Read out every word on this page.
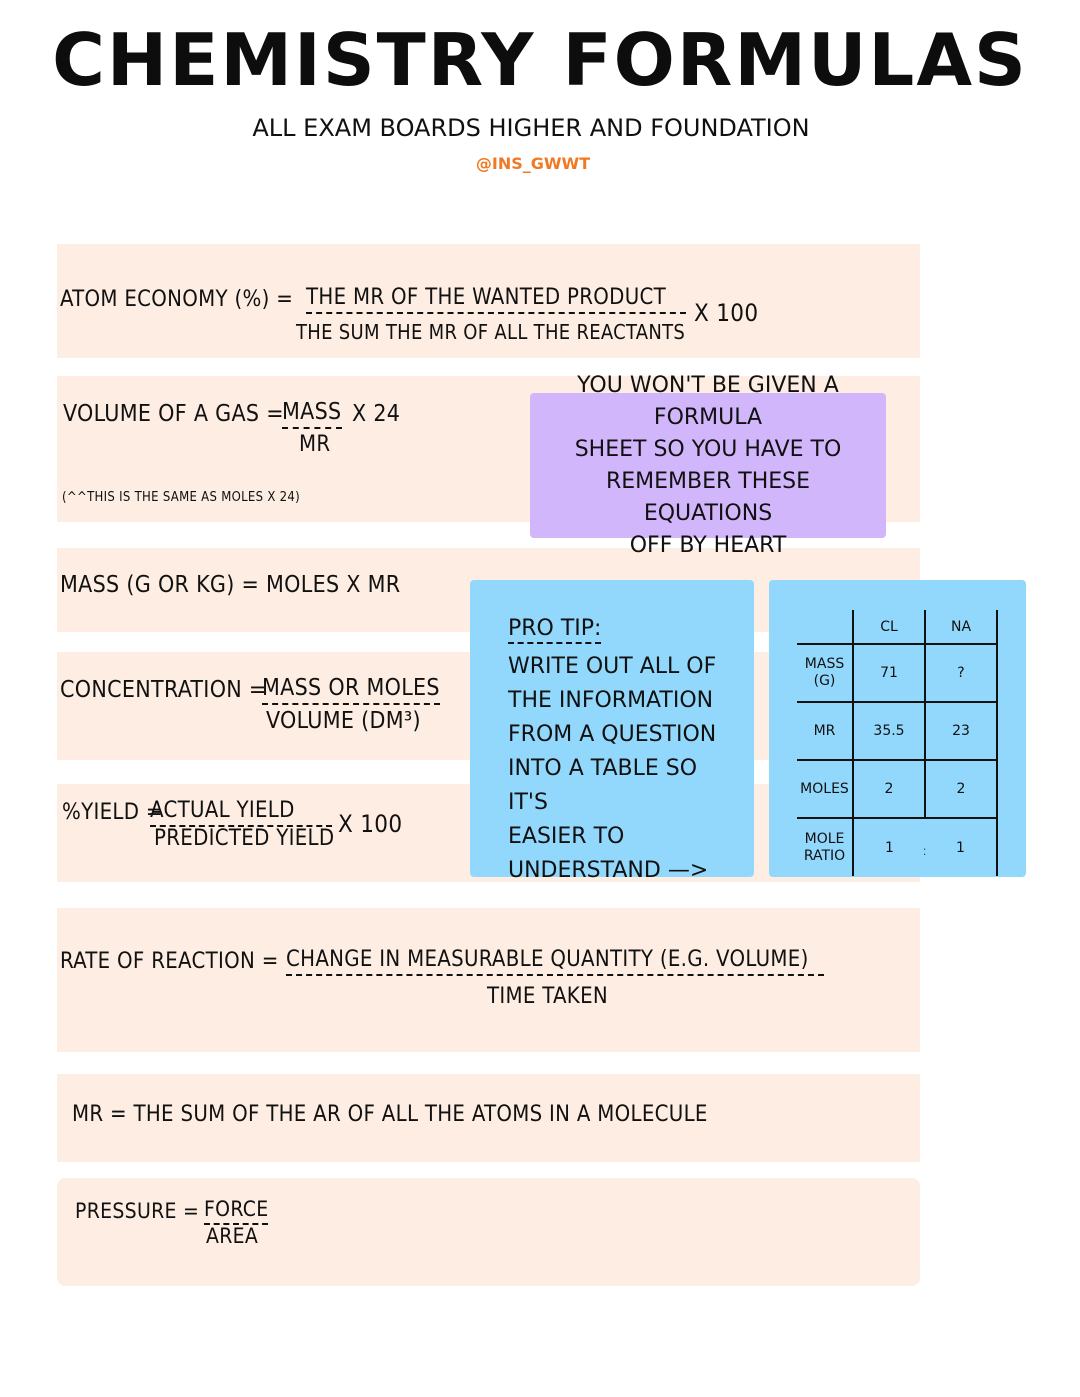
CHEMISTRY FORMULAS
ALL EXAM BOARDS HIGHER AND FOUNDATION
@INS_GWWT
ATOM ECONOMY (%) = THE MR OF THE WANTED PRODUCT
THE SUM THE MR OF ALL THE REACTANTS
X 100
VOLUME OF A GAS =
MASS X 24
MR
(^^THIS IS THE SAME AS MOLES X 24)
YOU WON'T BE GIVEN A FORMULA
SHEET SO YOU HAVE TO
REMEMBER THESE EQUATIONS
OFF BY HEART
MASS (G OR KG) = MOLES X MR
CONCENTRATION =
MASS OR MOLES
VOLUME (DM³)
%YIELD =
ACTUAL YIELD
PREDICTED YIELD
X 100
PRO TIP:
WRITE OUT ALL OF
THE INFORMATION
FROM A QUESTION
INTO A TABLE SO IT'S
EASIER TO
UNDERSTAND —>
	CL	NA
MASS
(G)	71	?
MR	35.5	23
MOLES	2	2
MOLE
RATIO	1	1
:
RATE OF REACTION = CHANGE IN MEASURABLE QUANTITY (E.G. VOLUME)
TIME TAKEN
MR = THE SUM OF THE AR OF ALL THE ATOMS IN A MOLECULE
PRESSURE = FORCE
AREA
